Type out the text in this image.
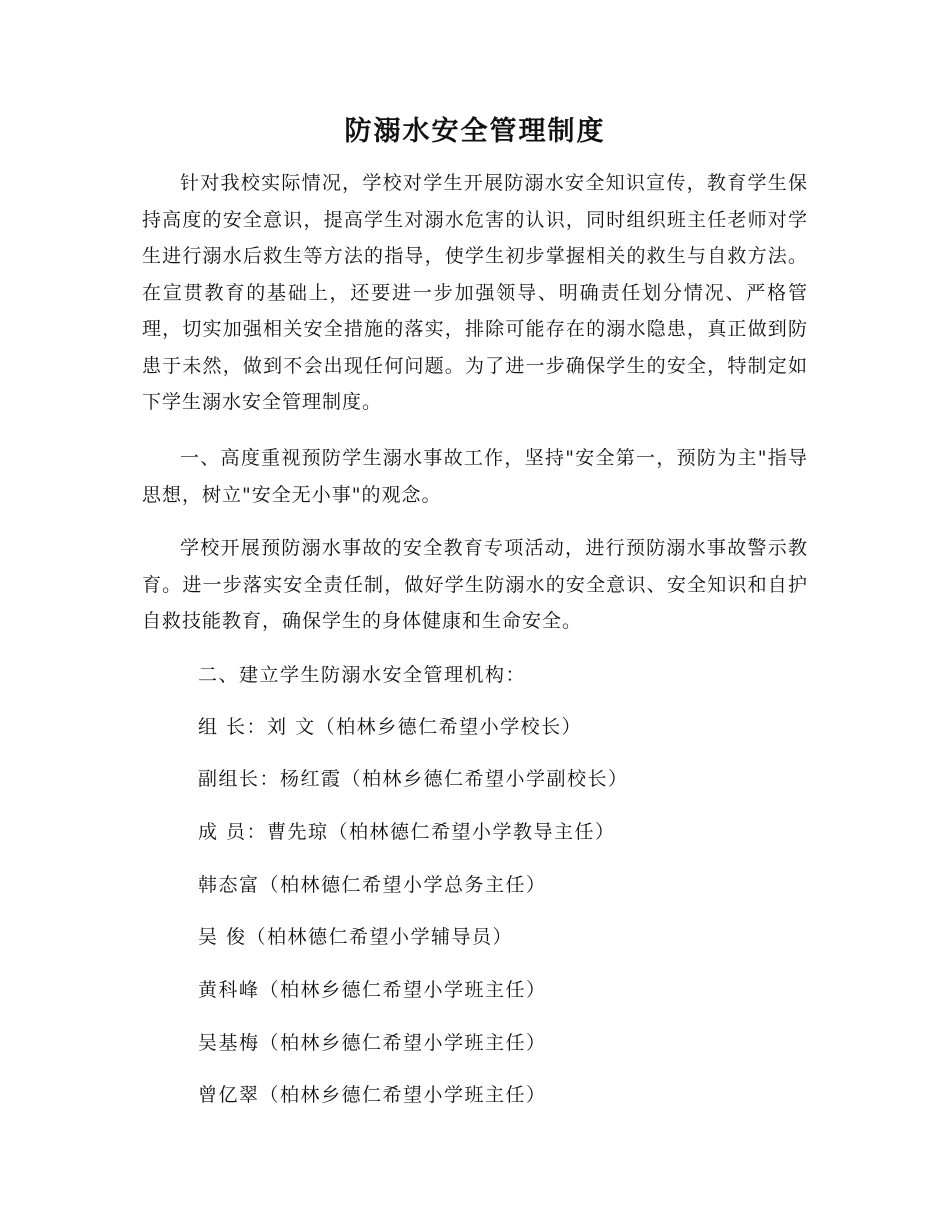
防溺水安全管理制度

针对我校实际情况，学校对学生开展防溺水安全知识宣传，教育学生保持高度的安全意识，提高学生对溺水危害的认识，同时组织班主任老师对学生进行溺水后救生等方法的指导，使学生初步掌握相关的救生与自救方法。在宣贯教育的基础上，还要进一步加强领导、明确责任划分情况、严格管理，切实加强相关安全措施的落实，排除可能存在的溺水隐患，真正做到防患于未然，做到不会出现任何问题。为了进一步确保学生的安全，特制定如下学生溺水安全管理制度。

一、高度重视预防学生溺水事故工作，坚持"安全第一，预防为主"指导思想，树立"安全无小事"的观念。

学校开展预防溺水事故的安全教育专项活动，进行预防溺水事故警示教育。进一步落实安全责任制，做好学生防溺水的安全意识、安全知识和自护自救技能教育，确保学生的身体健康和生命安全。

二、建立学生防溺水安全管理机构：

组 长：刘 文（柏林乡德仁希望小学校长）

副组长：杨红霞（柏林乡德仁希望小学副校长）

成 员：曹先琼（柏林德仁希望小学教导主任）

韩态富（柏林德仁希望小学总务主任）

吴 俊（柏林德仁希望小学辅导员）

黄科峰（柏林乡德仁希望小学班主任）

吴基梅（柏林乡德仁希望小学班主任）

曾亿翠（柏林乡德仁希望小学班主任）
